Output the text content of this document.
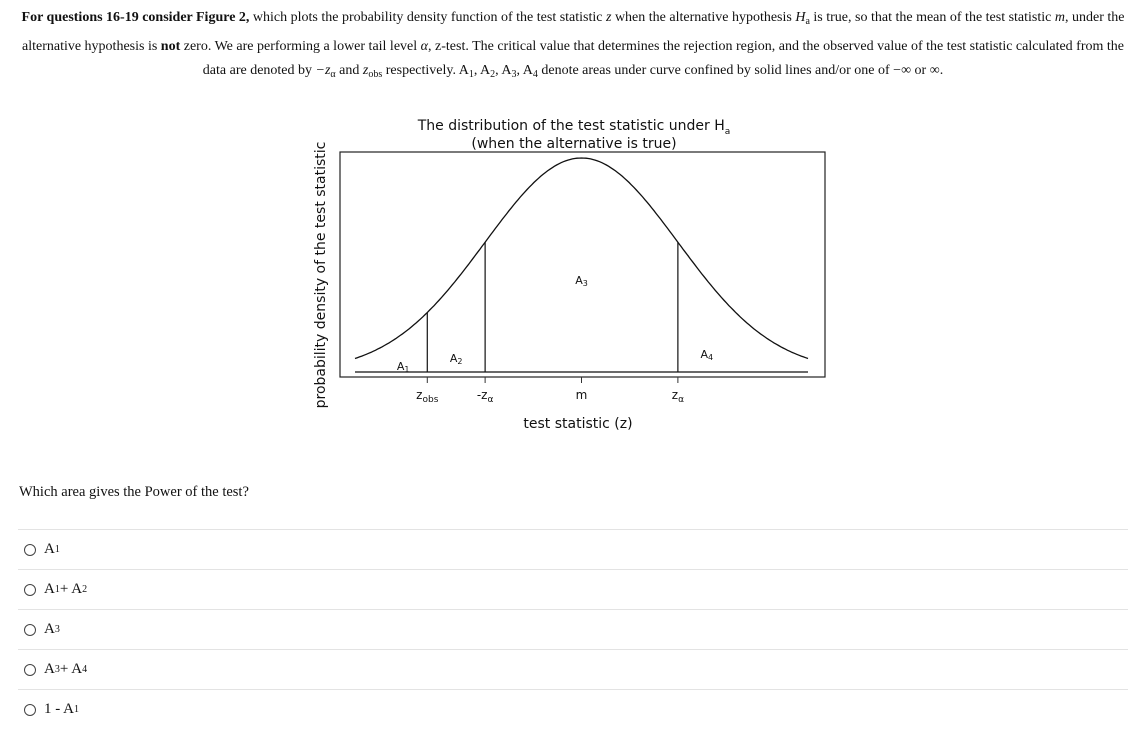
For questions 16-19 consider Figure 2, which plots the probability density function of the test statistic z when the alternative hypothesis $H_a$ is true, so that the mean of the test statistic m, under the alternative hypothesis is not zero. We are performing a lower tail level α, z-test. The critical value that determines the rejection region, and the observed value of the test statistic calculated from the data are denoted by $-z_\alpha$ and $z_{obs}$ respectively. $A_1$, $A_2$, $A_3$, $A_4$ denote areas under curve confined by solid lines and/or one of −∞ or ∞.
The distribution of the test statistic under $H_a$
(when the alternative is true)
probability density of the test statistic
test statistic (z)
$z_{obs}$	$-z_\alpha$	m	$z_\alpha$
A1
A2
A3
A4
Which area gives the Power of the test?
A 1
A 1 + A 2
A 3
A 3 + A 4
1 - A 1
